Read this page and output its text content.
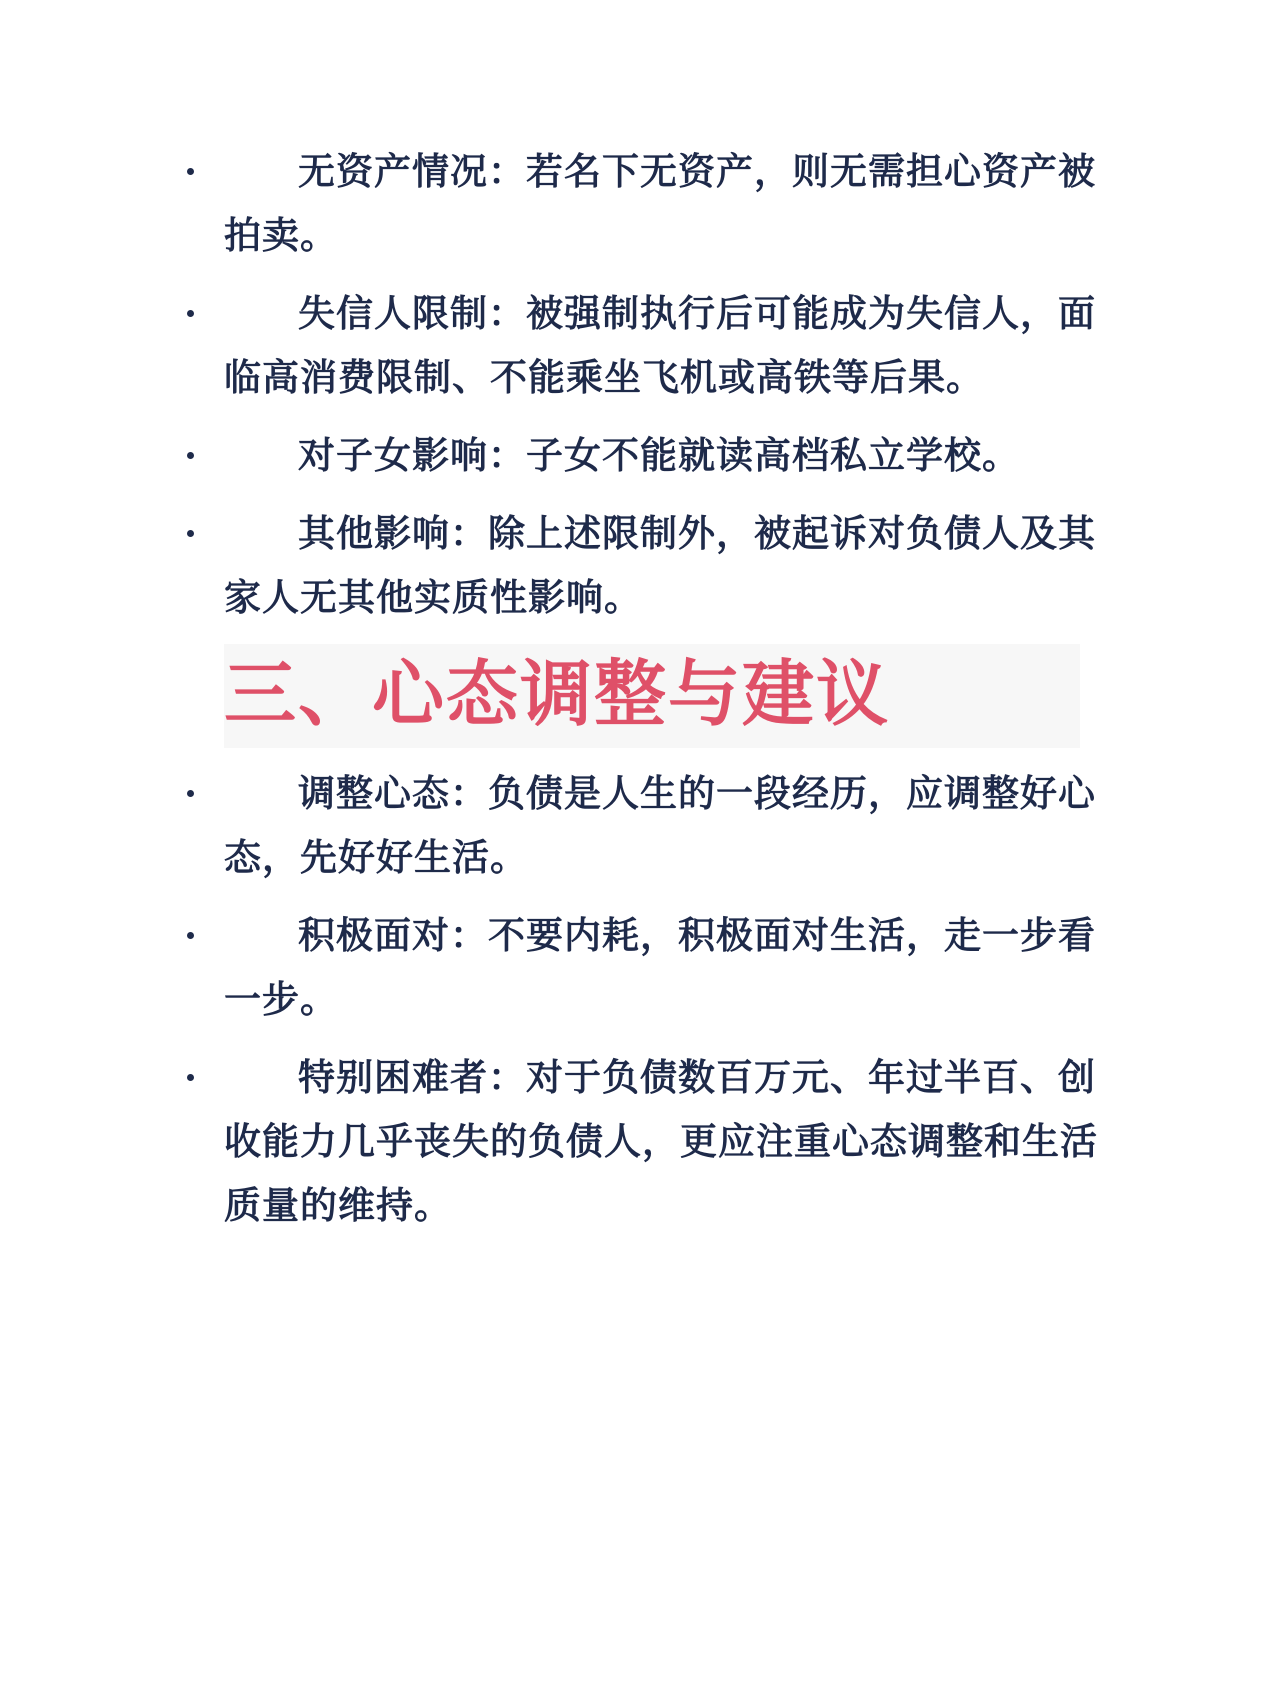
无资产情况：若名下无资产，则无需担心资产被拍卖。
失信人限制：被强制执行后可能成为失信人，面临高消费限制、不能乘坐飞机或高铁等后果。
对子女影响：子女不能就读高档私立学校。
其他影响：除上述限制外，被起诉对负债人及其家人无其他实质性影响。
三、心态调整与建议
调整心态：负债是人生的一段经历，应调整好心态，先好好生活。
积极面对：不要内耗，积极面对生活，走一步看一步。
特别困难者：对于负债数百万元、年过半百、创收能力几乎丧失的负债人，更应注重心态调整和生活质量的维持。
